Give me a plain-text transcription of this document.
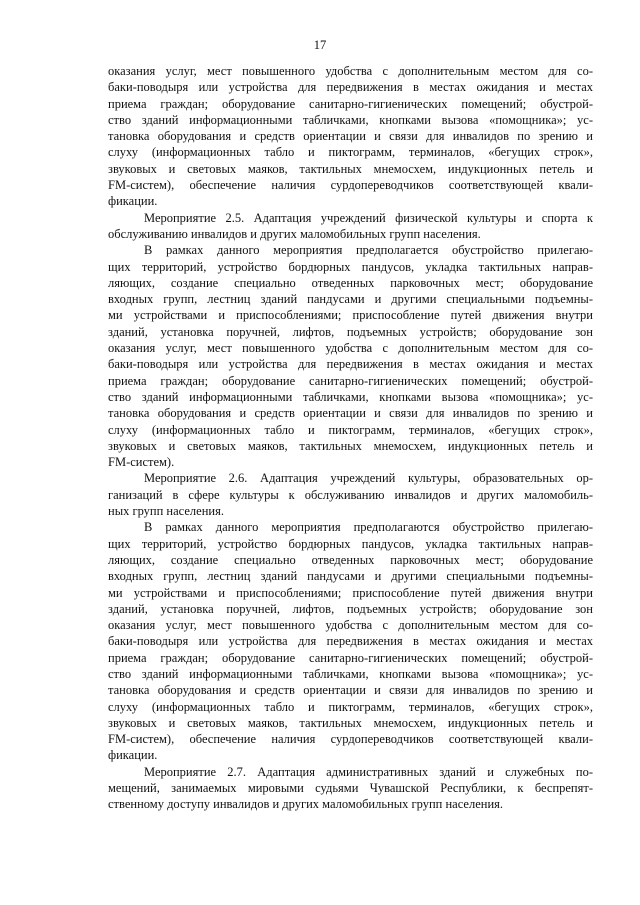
17
оказания услуг, мест повышенного удобства с дополнительным местом для со-
баки-поводыря или устройства для передвижения в местах ожидания и местах
приема граждан; оборудование санитарно-гигиенических помещений; обустрой-
ство зданий информационными табличками, кнопками вызова «помощника»; ус-
тановка оборудования и средств ориентации и связи для инвалидов по зрению и
слуху (информационных табло и пиктограмм, терминалов, «бегущих строк»,
звуковых и световых маяков, тактильных мнемосхем, индукционных петель и
FM-систем), обеспечение наличия сурдопереводчиков соответствующей квали-
фикации.
Мероприятие 2.5. Адаптация учреждений физической культуры и спорта к
обслуживанию инвалидов и других маломобильных групп населения.
В рамках данного мероприятия предполагается обустройство прилегаю-
щих территорий, устройство бордюрных пандусов, укладка тактильных направ-
ляющих, создание специально отведенных парковочных мест; оборудование
входных групп, лестниц зданий пандусами и другими специальными подъемны-
ми устройствами и приспособлениями; приспособление путей движения внутри
зданий, установка поручней, лифтов, подъемных устройств; оборудование зон
оказания услуг, мест повышенного удобства с дополнительным местом для со-
баки-поводыря или устройства для передвижения в местах ожидания и местах
приема граждан; оборудование санитарно-гигиенических помещений; обустрой-
ство зданий информационными табличками, кнопками вызова «помощника»; ус-
тановка оборудования и средств ориентации и связи для инвалидов по зрению и
слуху (информационных табло и пиктограмм, терминалов, «бегущих строк»,
звуковых и световых маяков, тактильных мнемосхем, индукционных петель и
FM-систем).
Мероприятие 2.6. Адаптация учреждений культуры, образовательных ор-
ганизаций в сфере культуры к обслуживанию инвалидов и других маломобиль-
ных групп населения.
В рамках данного мероприятия предполагаются обустройство прилегаю-
щих территорий, устройство бордюрных пандусов, укладка тактильных направ-
ляющих, создание специально отведенных парковочных мест; оборудование
входных групп, лестниц зданий пандусами и другими специальными подъемны-
ми устройствами и приспособлениями; приспособление путей движения внутри
зданий, установка поручней, лифтов, подъемных устройств; оборудование зон
оказания услуг, мест повышенного удобства с дополнительным местом для со-
баки-поводыря или устройства для передвижения в местах ожидания и местах
приема граждан; оборудование санитарно-гигиенических помещений; обустрой-
ство зданий информационными табличками, кнопками вызова «помощника»; ус-
тановка оборудования и средств ориентации и связи для инвалидов по зрению и
слуху (информационных табло и пиктограмм, терминалов, «бегущих строк»,
звуковых и световых маяков, тактильных мнемосхем, индукционных петель и
FM-систем), обеспечение наличия сурдопереводчиков соответствующей квали-
фикации.
Мероприятие 2.7. Адаптация административных зданий и служебных по-
мещений, занимаемых мировыми судьями Чувашской Республики, к беспрепят-
ственному доступу инвалидов и других маломобильных групп населения.
